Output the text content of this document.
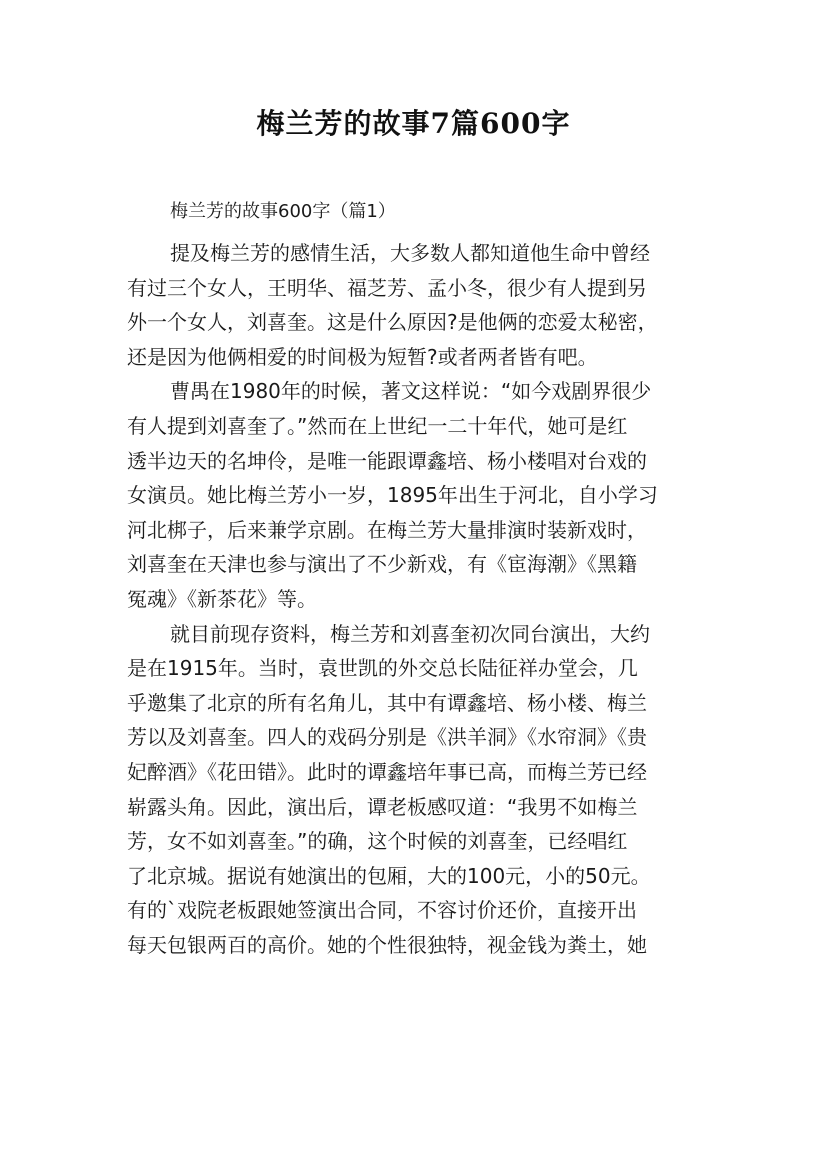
梅兰芳的故事7篇600字
梅兰芳的故事600字（篇1）
提及梅兰芳的感情生活，大多数人都知道他生命中曾经
有过三个女人，王明华、福芝芳、孟小冬，很少有人提到另
外一个女人，刘喜奎。这是什么原因?是他俩的恋爱太秘密，
还是因为他俩相爱的时间极为短暂?或者两者皆有吧。
曹禺在1980年的时候，著文这样说：“如今戏剧界很少
有人提到刘喜奎了。”然而在上世纪一二十年代，她可是红
透半边天的名坤伶，是唯一能跟谭鑫培、杨小楼唱对台戏的
女演员。她比梅兰芳小一岁，1895年出生于河北，自小学习
河北梆子，后来兼学京剧。在梅兰芳大量排演时装新戏时，
刘喜奎在天津也参与演出了不少新戏，有《宦海潮》《黑籍
冤魂》《新茶花》等。
就目前现存资料，梅兰芳和刘喜奎初次同台演出，大约
是在1915年。当时，袁世凯的外交总长陆征祥办堂会，几
乎邀集了北京的所有名角儿，其中有谭鑫培、杨小楼、梅兰
芳以及刘喜奎。四人的戏码分别是《洪羊洞》《水帘洞》《贵
妃醉酒》《花田错》。此时的谭鑫培年事已高，而梅兰芳已经
崭露头角。因此，演出后，谭老板感叹道：“我男不如梅兰
芳，女不如刘喜奎。”的确，这个时候的刘喜奎，已经唱红
了北京城。据说有她演出的包厢，大的100元，小的50元。
有的`戏院老板跟她签演出合同，不容讨价还价，直接开出
每天包银两百的高价。她的个性很独特，视金钱为粪土，她
